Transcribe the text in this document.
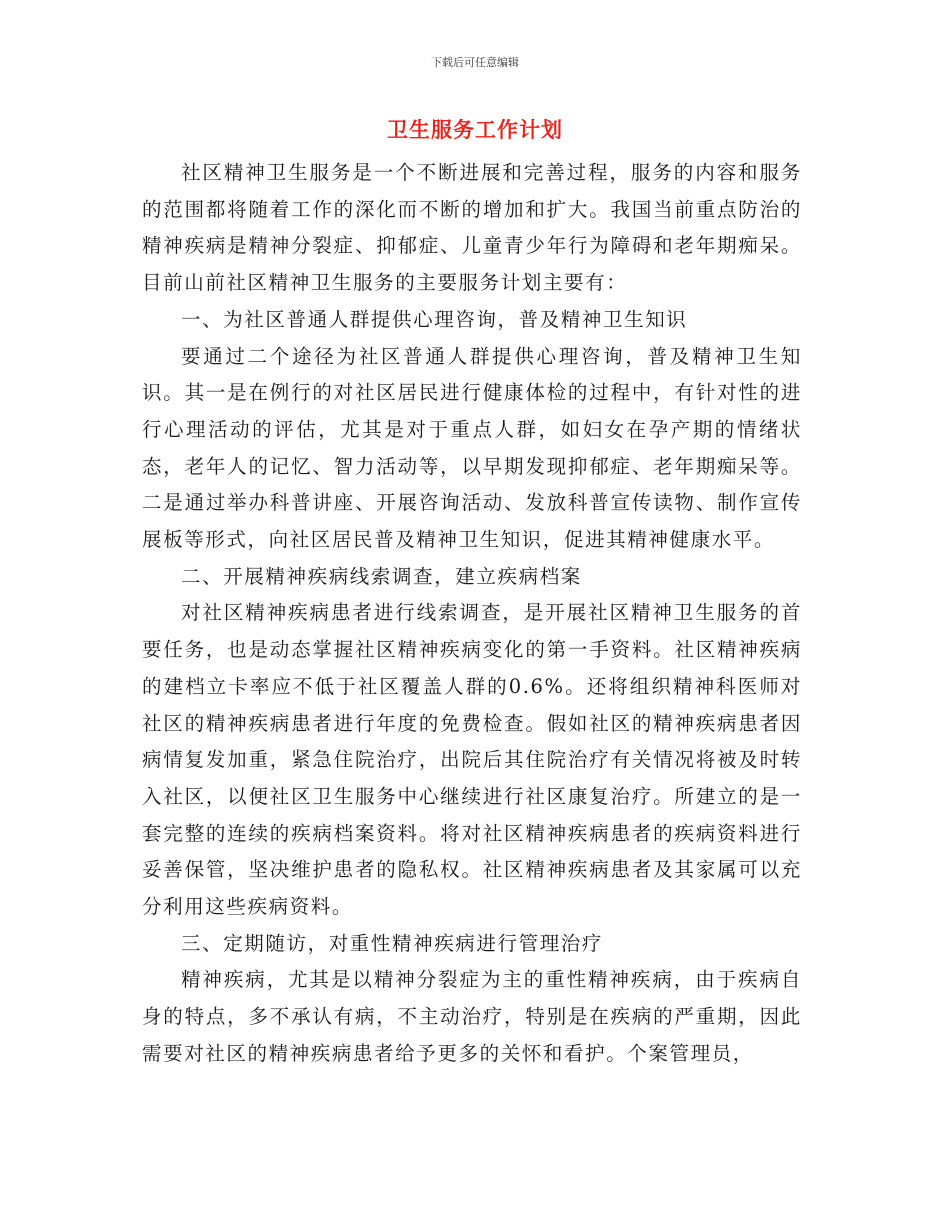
下载后可任意编辑
卫生服务工作计划

社区精神卫生服务是一个不断进展和完善过程，服务的内容和服务的范围都将随着工作的深化而不断的增加和扩大。我国当前重点防治的精神疾病是精神分裂症、抑郁症、儿童青少年行为障碍和老年期痴呆。目前山前社区精神卫生服务的主要服务计划主要有：

一、为社区普通人群提供心理咨询，普及精神卫生知识

要通过二个途径为社区普通人群提供心理咨询，普及精神卫生知识。其一是在例行的对社区居民进行健康体检的过程中，有针对性的进行心理活动的评估，尤其是对于重点人群，如妇女在孕产期的情绪状态，老年人的记忆、智力活动等，以早期发现抑郁症、老年期痴呆等。二是通过举办科普讲座、开展咨询活动、发放科普宣传读物、制作宣传展板等形式，向社区居民普及精神卫生知识，促进其精神健康水平。

二、开展精神疾病线索调查，建立疾病档案

对社区精神疾病患者进行线索调查，是开展社区精神卫生服务的首要任务，也是动态掌握社区精神疾病变化的第一手资料。社区精神疾病的建档立卡率应不低于社区覆盖人群的0.6%。还将组织精神科医师对社区的精神疾病患者进行年度的免费检查。假如社区的精神疾病患者因病情复发加重，紧急住院治疗，出院后其住院治疗有关情况将被及时转入社区，以便社区卫生服务中心继续进行社区康复治疗。所建立的是一套完整的连续的疾病档案资料。将对社区精神疾病患者的疾病资料进行妥善保管，坚决维护患者的隐私权。社区精神疾病患者及其家属可以充分利用这些疾病资料。

三、定期随访，对重性精神疾病进行管理治疗

精神疾病，尤其是以精神分裂症为主的重性精神疾病，由于疾病自身的特点，多不承认有病，不主动治疗，特别是在疾病的严重期，因此需要对社区的精神疾病患者给予更多的关怀和看护。个案管理员，
